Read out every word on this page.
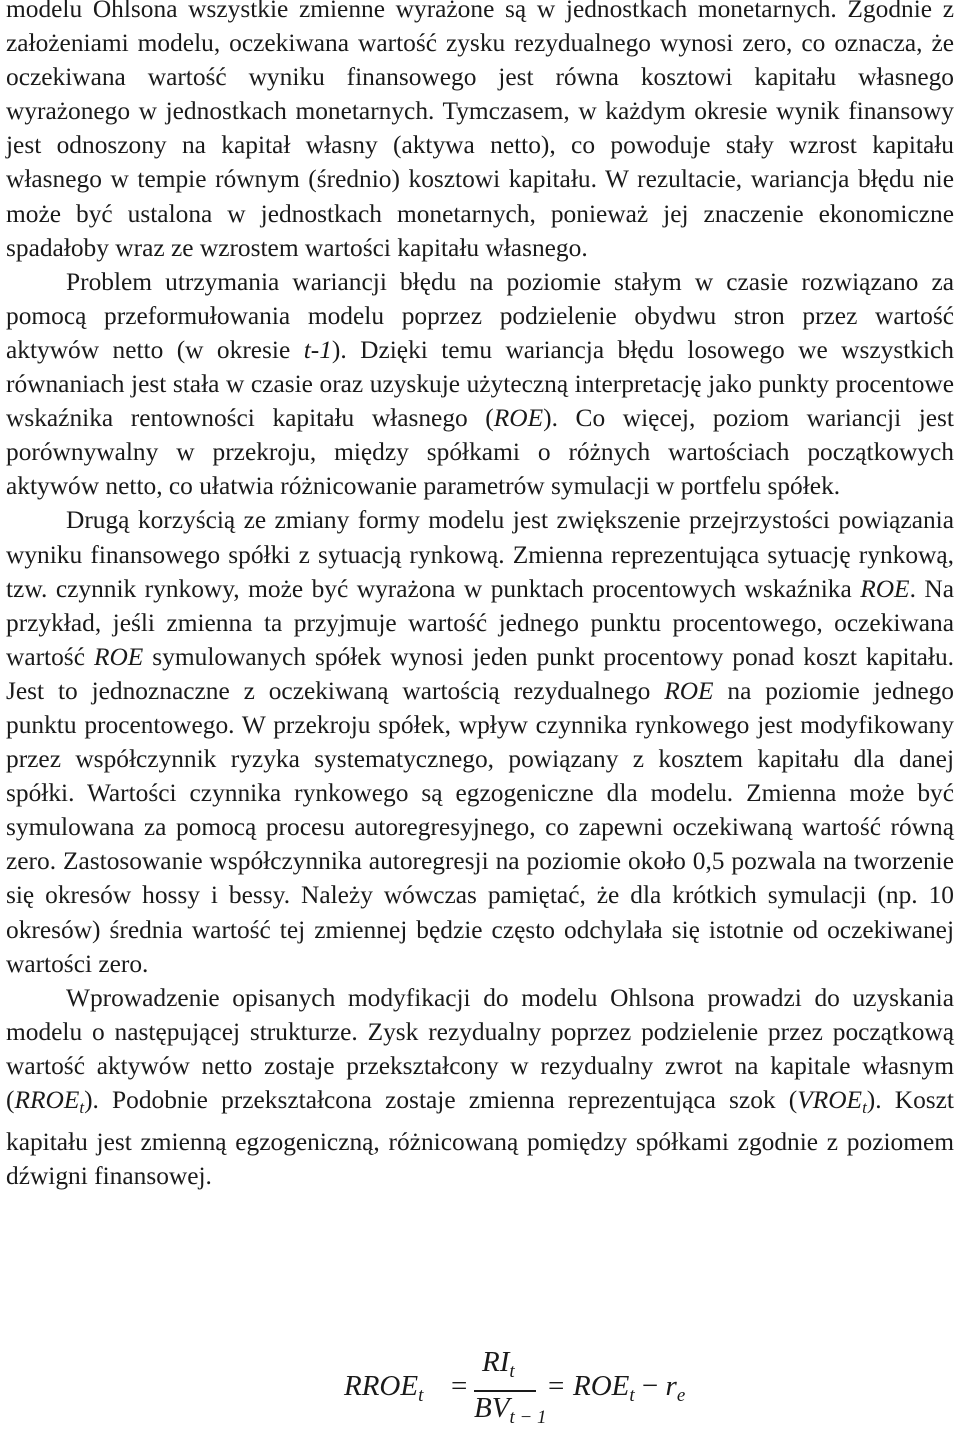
modelu Ohlsona wszystkie zmienne wyrażone są w jednostkach monetarnych. Zgodnie z założeniami modelu, oczekiwana wartość zysku rezydualnego wynosi zero, co oznacza, że oczekiwana wartość wyniku finansowego jest równa kosztowi kapitału własnego wyrażonego w jednostkach monetarnych. Tymczasem, w każdym okresie wynik finansowy jest odnoszony na kapitał własny (aktywa netto), co powoduje stały wzrost kapitału własnego w tempie równym (średnio) kosztowi kapitału. W rezultacie, wariancja błędu nie może być ustalona w jednostkach monetarnych, ponieważ jej znaczenie ekonomiczne spadałoby wraz ze wzrostem wartości kapitału własnego.

Problem utrzymania wariancji błędu na poziomie stałym w czasie rozwiązano za pomocą przeformułowania modelu poprzez podzielenie obydwu stron przez wartość aktywów netto (w okresie t-1). Dzięki temu wariancja błędu losowego we wszystkich równaniach jest stała w czasie oraz uzyskuje użyteczną interpretację jako punkty procentowe wskaźnika rentowności kapitału własnego (ROE). Co więcej, poziom wariancji jest porównywalny w przekroju, między spółkami o różnych wartościach początkowych aktywów netto, co ułatwia różnicowanie parametrów symulacji w portfelu spółek.

Drugą korzyścią ze zmiany formy modelu jest zwiększenie przejrzystości powiązania wyniku finansowego spółki z sytuacją rynkową. Zmienna reprezentująca sytuację rynkową, tzw. czynnik rynkowy, może być wyrażona w punktach procentowych wskaźnika ROE. Na przykład, jeśli zmienna ta przyjmuje wartość jednego punktu procentowego, oczekiwana wartość ROE symulowanych spółek wynosi jeden punkt procentowy ponad koszt kapitału. Jest to jednoznaczne z oczekiwaną wartością rezydualnego ROE na poziomie jednego punktu procentowego. W przekroju spółek, wpływ czynnika rynkowego jest modyfikowany przez współczynnik ryzyka systematycznego, powiązany z kosztem kapitału dla danej spółki. Wartości czynnika rynkowego są egzogeniczne dla modelu. Zmienna może być symulowana za pomocą procesu autoregresyjnego, co zapewni oczekiwaną wartość równą zero. Zastosowanie współczynnika autoregresji na poziomie około 0,5 pozwala na tworzenie się okresów hossy i bessy. Należy wówczas pamiętać, że dla krótkich symulacji (np. 10 okresów) średnia wartość tej zmiennej będzie często odchylała się istotnie od oczekiwanej wartości zero.

Wprowadzenie opisanych modyfikacji do modelu Ohlsona prowadzi do uzyskania modelu o następującej strukturze. Zysk rezydualny poprzez podzielenie przez początkową wartość aktywów netto zostaje przekształcony w rezydualny zwrot na kapitale własnym $(RROE_t)$. Podobnie przekształcona zostaje zmienna reprezentująca szok $(VROE_t)$. Koszt kapitału jest zmienną egzogeniczną, różnicowaną pomiędzy spółkami zgodnie z poziomem dźwigni finansowej.

$RROE_t$ =
$RI_t$
$BV_{t - 1}$
= $ROE_t - r_e$
